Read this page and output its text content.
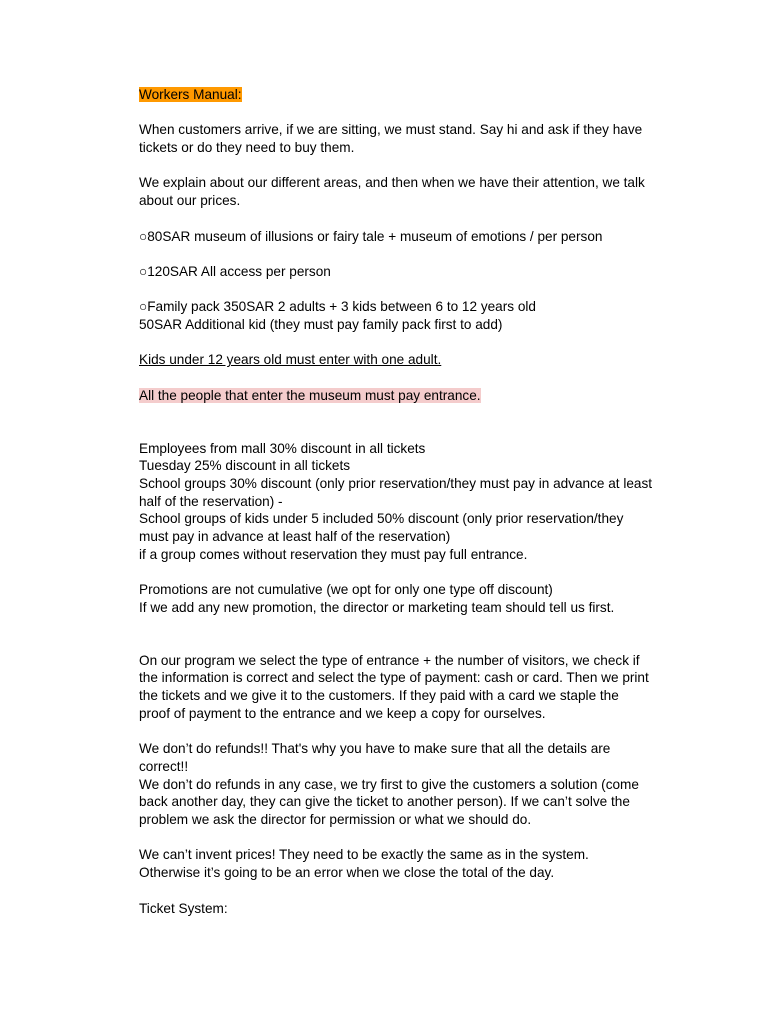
Workers Manual:
When customers arrive, if we are sitting, we must stand. Say hi and ask if they have
tickets or do they need to buy them.
We explain about our different areas, and then when we have their attention, we talk
about our prices.
○80SAR museum of illusions or fairy tale + museum of emotions / per person
○120SAR All access per person
○Family pack 350SAR 2 adults + 3 kids between 6 to 12 years old
50SAR Additional kid (they must pay family pack first to add)
Kids under 12 years old must enter with one adult.
All the people that enter the museum must pay entrance.
Employees from mall 30% discount in all tickets
Tuesday 25% discount in all tickets
School groups 30% discount (only prior reservation/they must pay in advance at least
half of the reservation) -
School groups of kids under 5 included 50% discount (only prior reservation/they
must pay in advance at least half of the reservation)
if a group comes without reservation they must pay full entrance.
Promotions are not cumulative (we opt for only one type off discount)
If we add any new promotion, the director or marketing team should tell us first.
On our program we select the type of entrance + the number of visitors, we check if
the information is correct and select the type of payment: cash or card. Then we print
the tickets and we give it to the customers. If they paid with a card we staple the
proof of payment to the entrance and we keep a copy for ourselves.
We don’t do refunds!! That's why you have to make sure that all the details are
correct!!
We don’t do refunds in any case, we try first to give the customers a solution (come
back another day, they can give the ticket to another person). If we can’t solve the
problem we ask the director for permission or what we should do.
We can’t invent prices! They need to be exactly the same as in the system.
Otherwise it’s going to be an error when we close the total of the day.
Ticket System:
